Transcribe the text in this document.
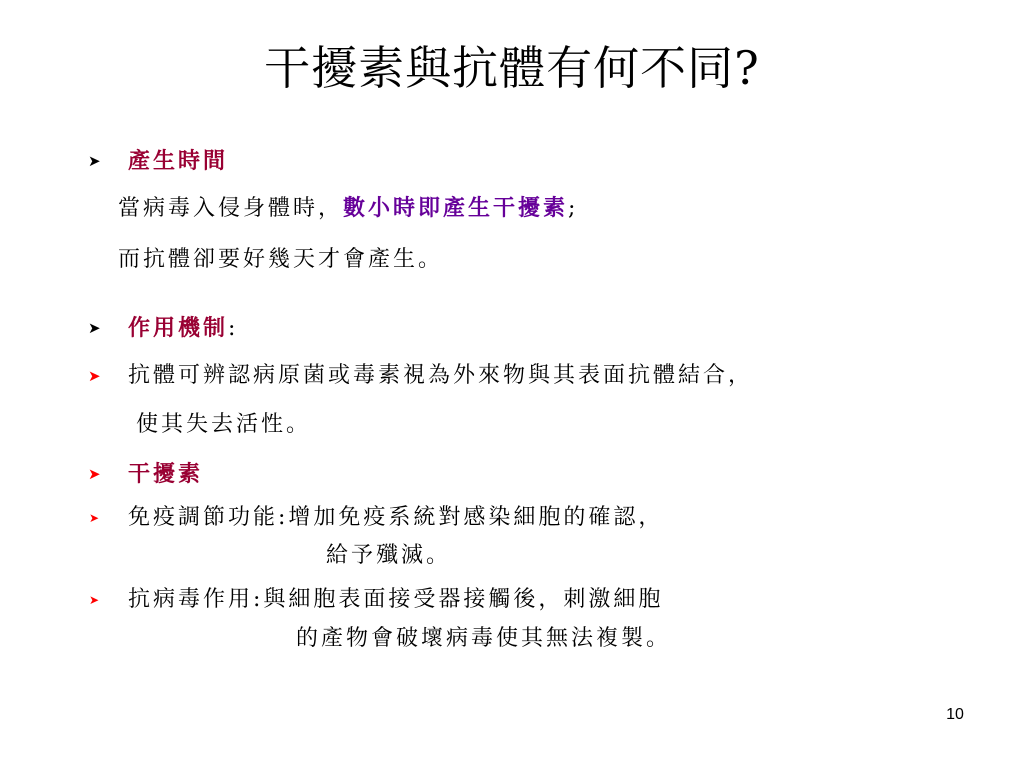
干擾素與抗體有何不同?
➤ 產生時間
當病毒入侵身體時，數小時即產生干擾素;
而抗體卻要好幾天才會產生。
➤ 作用機制:
➤ 抗體可辨認病原菌或毒素視為外來物與其表面抗體結合，
使其失去活性。
➤ 干擾素
➤ 免疫調節功能:增加免疫系統對感染細胞的確認，
給予殲滅。
➤ 抗病毒作用:與細胞表面接受器接觸後，刺激細胞
的產物會破壞病毒使其無法複製。
10
